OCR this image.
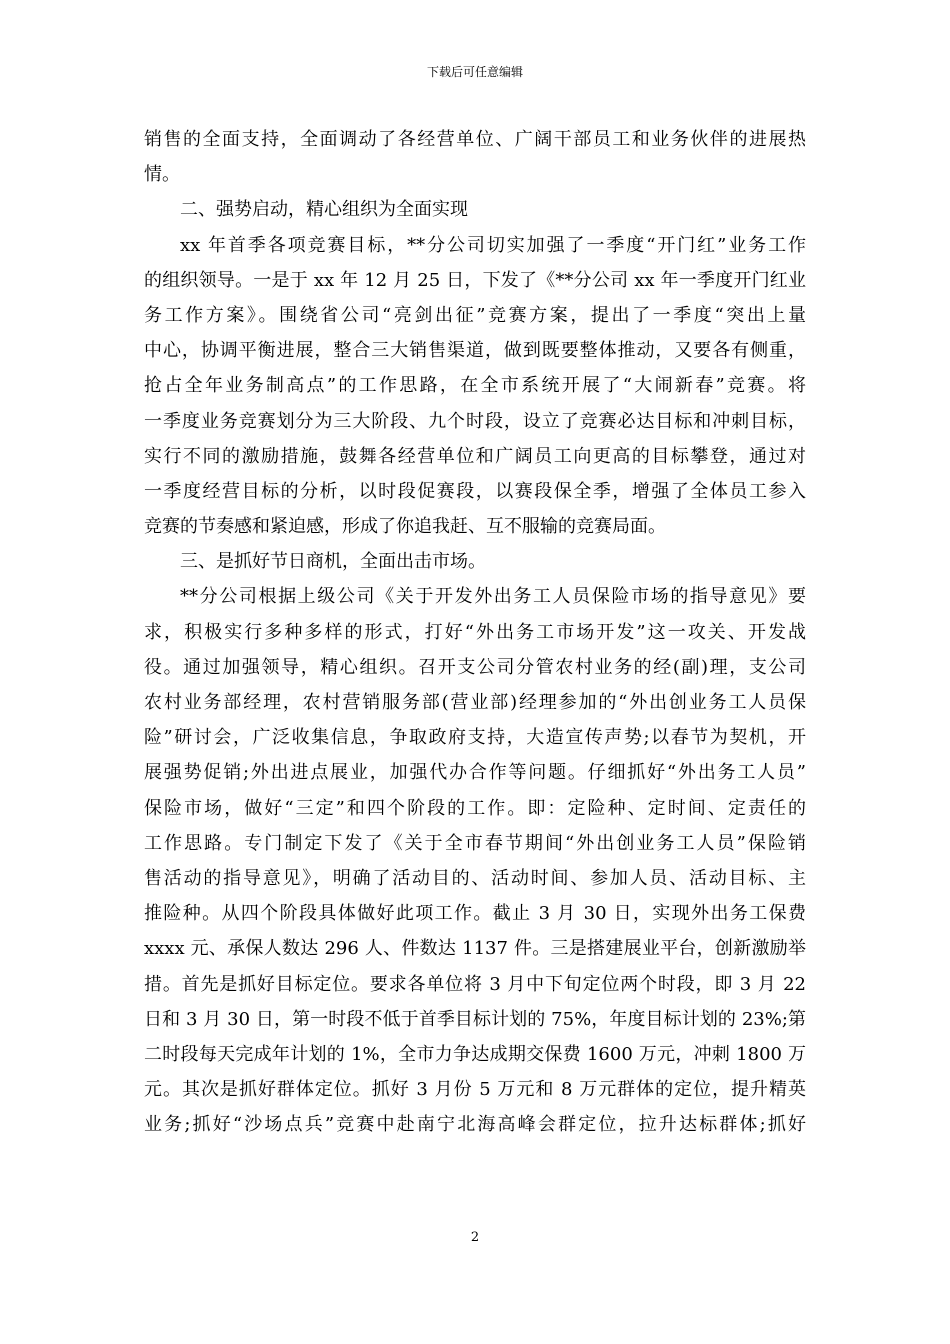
下载后可任意编辑
销售的全面支持，全面调动了各经营单位、广阔干部员工和业务伙伴的进展热
情。
二、强势启动，精心组织为全面实现
xx 年首季各项竞赛目标，**分公司切实加强了一季度“开门红”业务工作
的组织领导。一是于 xx 年 12 月 25 日，下发了《**分公司 xx 年一季度开门红业
务工作方案》。围绕省公司“亮剑出征”竞赛方案，提出了一季度“突出上量
中心，协调平衡进展，整合三大销售渠道，做到既要整体推动，又要各有侧重，
抢占全年业务制高点”的工作思路，在全市系统开展了“大闹新春”竞赛。将
一季度业务竞赛划分为三大阶段、九个时段，设立了竞赛必达目标和冲刺目标，
实行不同的激励措施，鼓舞各经营单位和广阔员工向更高的目标攀登，通过对
一季度经营目标的分析，以时段促赛段，以赛段保全季，增强了全体员工参入
竞赛的节奏感和紧迫感，形成了你追我赶、互不服输的竞赛局面。
三、是抓好节日商机，全面出击市场。
**分公司根据上级公司《关于开发外出务工人员保险市场的指导意见》要
求，积极实行多种多样的形式，打好“外出务工市场开发”这一攻关、开发战
役。通过加强领导，精心组织。召开支公司分管农村业务的经(副)理，支公司
农村业务部经理，农村营销服务部(营业部)经理参加的“外出创业务工人员保
险”研讨会，广泛收集信息，争取政府支持，大造宣传声势;以春节为契机，开
展强势促销;外出进点展业，加强代办合作等问题。仔细抓好“外出务工人员”
保险市场，做好“三定”和四个阶段的工作。即：定险种、定时间、定责任的
工作思路。专门制定下发了《关于全市春节期间“外出创业务工人员”保险销
售活动的指导意见》，明确了活动目的、活动时间、参加人员、活动目标、主
推险种。从四个阶段具体做好此项工作。截止 3 月 30 日，实现外出务工保费
xxxx 元、承保人数达 296 人、件数达 1137 件。三是搭建展业平台，创新激励举
措。首先是抓好目标定位。要求各单位将 3 月中下旬定位两个时段，即 3 月 22
日和 3 月 30 日，第一时段不低于首季目标计划的 75%，年度目标计划的 23%;第
二时段每天完成年计划的 1%，全市力争达成期交保费 1600 万元，冲刺 1800 万
元。其次是抓好群体定位。抓好 3 月份 5 万元和 8 万元群体的定位，提升精英
业务;抓好“沙场点兵”竞赛中赴南宁北海高峰会群定位，拉升达标群体;抓好
2
